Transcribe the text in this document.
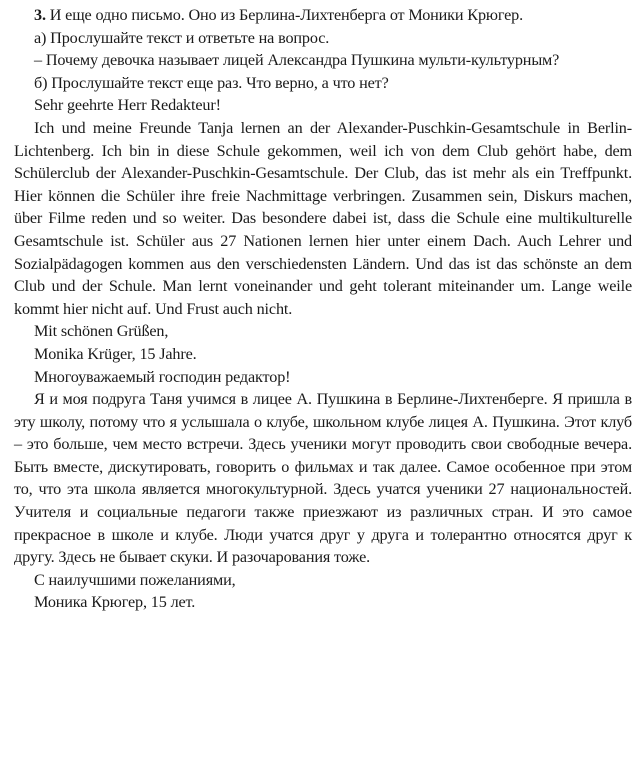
3. И еще одно письмо. Оно из Берлина-Лихтенберга от Моники Крюгер.

а) Прослушайте текст и ответьте на вопрос.

– Почему девочка называет лицей Александра Пушкина мульти-культурным?

б) Прослушайте текст еще раз. Что верно, а что нет?

Sehr geehrte Herr Redakteur!

Ich und meine Freunde Tanja lernen an der Alexander-Puschkin-Gesamtschule in Berlin-Lichtenberg. Ich bin in diese Schule gekommen, weil ich von dem Club gehört habe, dem Schülerclub der Alexander-Puschkin-Gesamtschule. Der Club, das ist mehr als ein Treffpunkt. Hier können die Schüler ihre freie Nachmittage verbringen. Zusammen sein, Diskurs machen, über Filme reden und so weiter. Das besondere dabei ist, dass die Schule eine multikulturelle Gesamtschule ist. Schüler aus 27 Nationen lernen hier unter einem Dach. Auch Lehrer und Sozialpädagogen kommen aus den verschiedensten Ländern. Und das ist das schönste an dem Club und der Schule. Man lernt voneinander und geht tolerant miteinander um. Lange weile kommt hier nicht auf. Und Frust auch nicht.

Mit schönen Grüßen,

Monika Krüger, 15 Jahre.

Многоуважаемый господин редактор!

Я и моя подруга Таня учимся в лицее А. Пушкина в Берлине-Лихтенберге. Я пришла в эту школу, потому что я услышала о клубе, школьном клубе лицея А. Пушкина. Этот клуб – это больше, чем место встречи. Здесь ученики могут проводить свои свободные вечера. Быть вместе, дискутировать, говорить о фильмах и так далее. Самое особенное при этом то, что эта школа является многокультурной. Здесь учатся ученики 27 национальностей. Учителя и социальные педагоги также приезжают из различных стран. И это самое прекрасное в школе и клубе. Люди учатся друг у друга и толерантно относятся друг к другу. Здесь не бывает скуки. И разочарования тоже.

С наилучшими пожеланиями,

Моника Крюгер, 15 лет.
